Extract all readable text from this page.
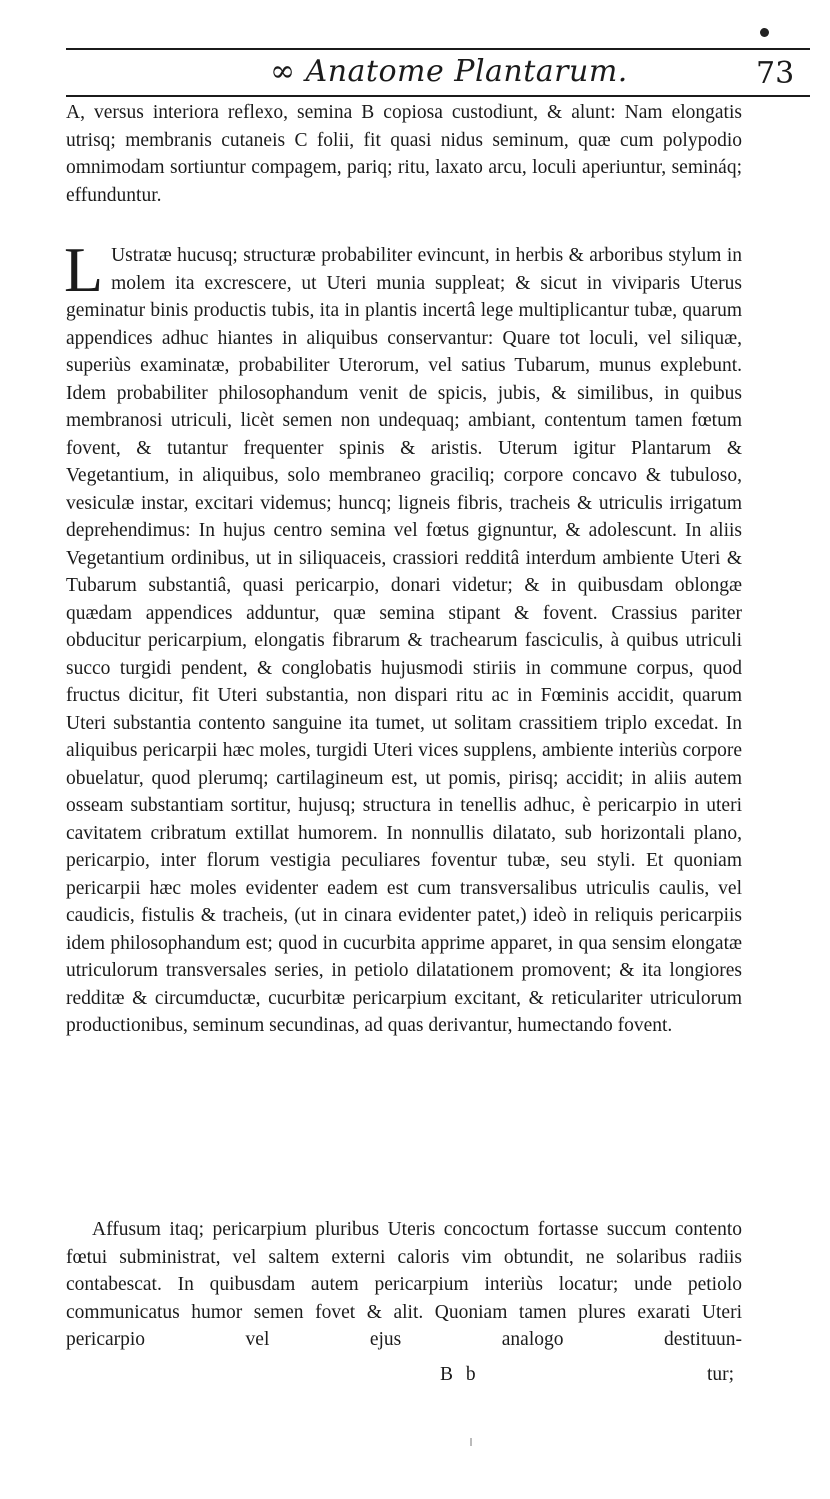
∞ Anatome Plantarum.	73

A, versus interiora reflexo, semina B copiosa custodiunt, & alunt: Nam elongatis utrisq; membranis cutaneis C folii, fit quasi nidus seminum, quæ cum polypodio omnimodam sortiuntur compagem, pariq; ritu, laxato arcu, loculi aperiuntur, semináq; effunduntur.

L Ustratæ hucusq; structuræ probabiliter evincunt, in herbis & arboribus stylum in molem ita excrescere, ut Uteri munia suppleat; & sicut in viviparis Uterus geminatur binis productis tubis, ita in plantis incertâ lege multiplicantur tubæ, quarum appendices adhuc hiantes in aliquibus conservantur: Quare tot loculi, vel siliquæ, superiùs examinatæ, probabiliter Uterorum, vel satius Tubarum, munus explebunt. Idem probabiliter philosophandum venit de spicis, jubis, & similibus, in quibus membranosi utriculi, licèt semen non undequaq; ambiant, contentum tamen fœtum fovent, & tutantur frequenter spinis & aristis. Uterum igitur Plantarum & Vegetantium, in aliquibus, solo membraneo graciliq; corpore concavo & tubuloso, vesiculæ instar, excitari videmus; huncq; ligneis fibris, tracheis & utriculis irrigatum deprehendimus: In hujus centro semina vel fœtus gignuntur, & adolescunt. In aliis Vegetantium ordinibus, ut in siliquaceis, crassiori redditâ interdum ambiente Uteri & Tubarum substantiâ, quasi pericarpio, donari videtur; & in quibusdam oblongæ quædam appendices adduntur, quæ semina stipant & fovent. Crassius pariter obducitur pericarpium, elongatis fibrarum & trachearum fasciculis, à quibus utriculi succo turgidi pendent, & conglobatis hujusmodi stiriis in commune corpus, quod fructus dicitur, fit Uteri substantia, non dispari ritu ac in Fœminis accidit, quarum Uteri substantia contento sanguine ita tumet, ut solitam crassitiem triplo excedat. In aliquibus pericarpii hæc moles, turgidi Uteri vices supplens, ambiente interiùs corpore obuelatur, quod plerumq; cartilagineum est, ut pomis, pirisq; accidit; in aliis autem osseam substantiam sortitur, hujusq; structura in tenellis adhuc, è pericarpio in uteri cavitatem cribratum extillat humorem. In nonnullis dilatato, sub horizontali plano, pericarpio, inter florum vestigia peculiares foventur tubæ, seu styli. Et quoniam pericarpii hæc moles evidenter eadem est cum transversalibus utriculis caulis, vel caudicis, fistulis & tracheis, (ut in cinara evidenter patet,) ideò in reliquis pericarpiis idem philosophandum est; quod in cucurbita apprime apparet, in qua sensim elongatæ utriculorum transversales series, in petiolo dilatationem promovent; & ita longiores redditæ & circumductæ, cucurbitæ pericarpium excitant, & reticulariter utriculorum productionibus, seminum secundinas, ad quas derivantur, humectando fovent.

Affusum itaq; pericarpium pluribus Uteris concoctum fortasse succum contento fœtui subministrat, vel saltem externi caloris vim obtundit, ne solaribus radiis contabescat. In quibusdam autem pericarpium interiùs locatur; unde petiolo communicatus humor semen fovet & alit. Quoniam tamen plures exarati Uteri pericarpio vel ejus analogo destituun-

B b	tur;
